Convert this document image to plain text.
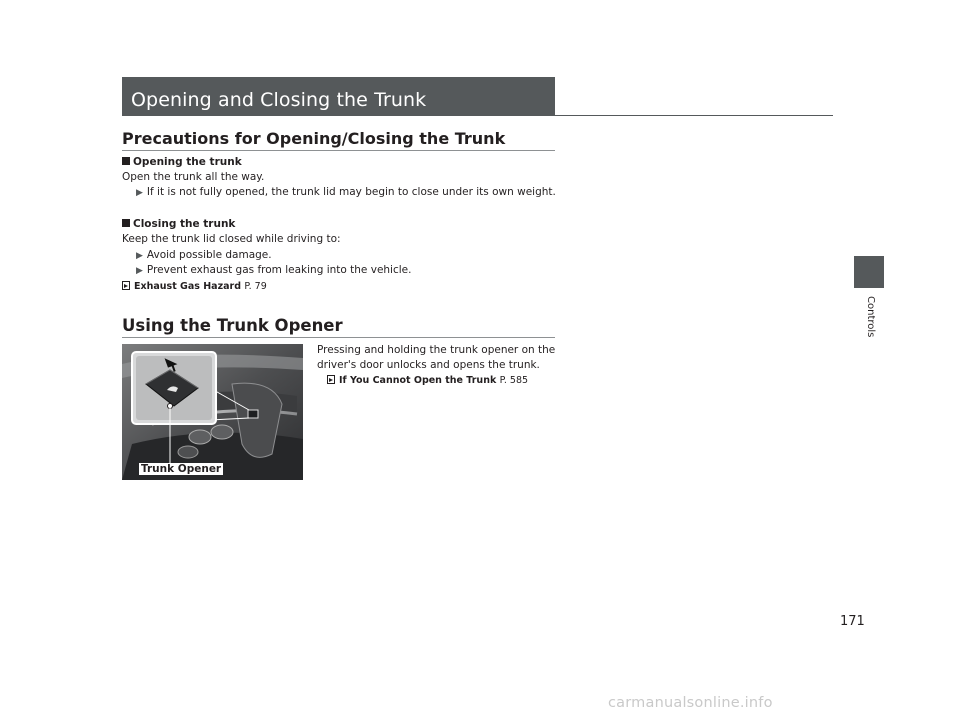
Opening and Closing the Trunk
Precautions for Opening/Closing the Trunk
Opening the trunk
Open the trunk all the way.
▶ If it is not fully opened, the trunk lid may begin to close under its own weight.
Closing the trunk
Keep the trunk lid closed while driving to:
▶ Avoid possible damage.
▶ Prevent exhaust gas from leaking into the vehicle.
Exhaust Gas Hazard P. 79
Using the Trunk Opener
Pressing and holding the trunk opener on the
driver's door unlocks and opens the trunk.
If You Cannot Open the Trunk P. 585
Trunk Opener
Controls
171
carmanualsonline.info
